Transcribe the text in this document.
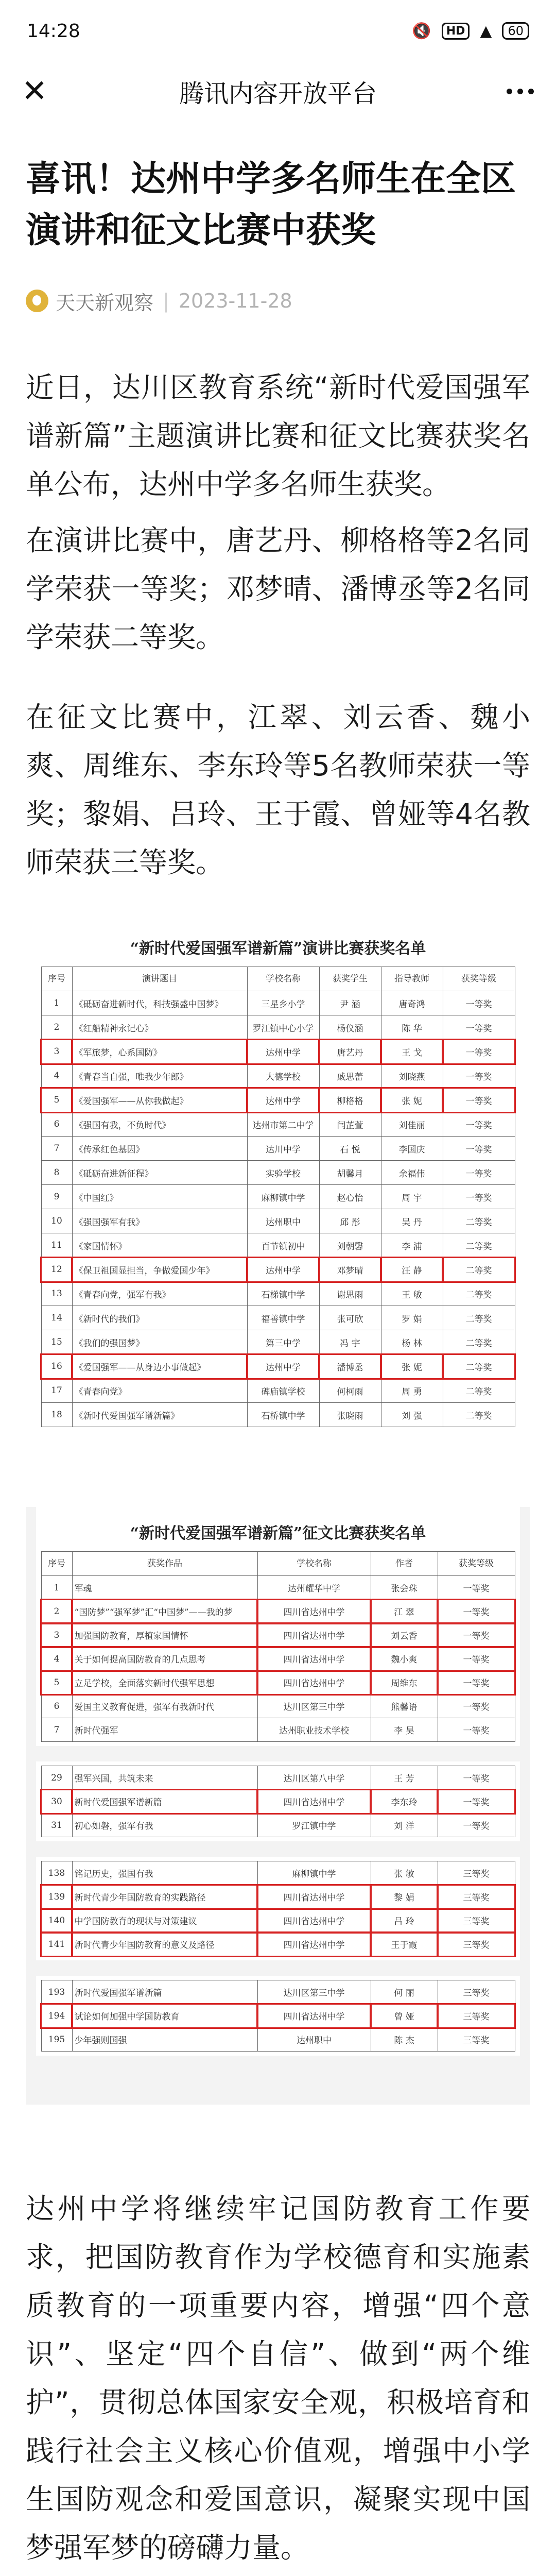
14:28	🔇	HD ▲	60
✕	腾讯内容开放平台
喜讯！达州中学多名师生在全区演讲和征文比赛中获奖
天天新观察 | 2023-11-28

近日，达川区教育系统“新时代爱国强军谱新篇”主题演讲比赛和征文比赛获奖名单公布，达州中学多名师生获奖。

在演讲比赛中，唐艺丹、柳格格等2名同学荣获一等奖；邓梦晴、潘博丞等2名同学荣获二等奖。

在征文比赛中，江翠、刘云香、魏小爽、周维东、李东玲等5名教师荣获一等奖；黎娟、吕玲、王于霞、曾娅等4名教师荣获三等奖。

“新时代爱国强军谱新篇”演讲比赛获奖名单
序号	演讲题目	学校名称	获奖学生	指导教师	获奖等级
1	《砥砺奋进新时代，科技强盛中国梦》	三星乡小学	尹 涵	唐奇鸿	一等奖
2	《红船精神永记心》	罗江镇中心小学	杨仪涵	陈 华	一等奖
3	《军旅梦，心系国防》	达州中学	唐艺丹	王 戈	一等奖
4	《青春当自强，唯我少年郎》	大德学校	戚思蕾	刘晓燕	一等奖
5	《爱国强军——从你我做起》	达州中学	柳格格	张 妮	一等奖
6	《强国有我，不负时代》	达州市第二中学	闫芷萱	刘佳丽	一等奖
7	《传承红色基因》	达川中学	石 悦	李国庆	一等奖
8	《砥砺奋进新征程》	实验学校	胡馨月	余福伟	一等奖
9	《中国红》	麻柳镇中学	赵心怡	周 宇	一等奖
10	《强国强军有我》	达州职中	邱 彤	吴 丹	二等奖
11	《家国情怀》	百节镇初中	刘朝馨	李 浦	二等奖
12	《保卫祖国显担当，争做爱国少年》	达州中学	邓梦晴	汪 静	二等奖
13	《青春向党，强军有我》	石梯镇中学	谢思雨	王 敏	二等奖
14	《新时代的我们》	福善镇中学	张可欣	罗 娟	二等奖
15	《我们的强国梦》	第三中学	冯 宇	杨 林	二等奖
16	《爱国强军——从身边小事做起》	达州中学	潘博丞	张 妮	二等奖
17	《青春向党》	碑庙镇学校	何柯雨	周 勇	二等奖
18	《新时代爱国强军谱新篇》	石桥镇中学	张晓雨	刘 强	二等奖
“新时代爱国强军谱新篇”征文比赛获奖名单
序号	获奖作品	学校名称	作者	获奖等级
1	军魂	达州耀华中学	张会珠	一等奖
2	“国防梦”“强军梦”汇“中国梦”——我的梦	四川省达州中学	江 翠	一等奖
3	加强国防教育，厚植家国情怀	四川省达州中学	刘云香	一等奖
4	关于如何提高国防教育的几点思考	四川省达州中学	魏小爽	一等奖
5	立足学校，全面落实新时代强军思想	四川省达州中学	周维东	一等奖
6	爱国主义教育促进，强军有我新时代	达川区第三中学	熊馨语	一等奖
7	新时代强军	达州职业技术学校	李 昊	一等奖
29	强军兴国，共筑未来	达川区第八中学	王 芳	一等奖
30	新时代爱国强军谱新篇	四川省达州中学	李东玲	一等奖
31	初心如磐，强军有我	罗江镇中学	刘 洋	一等奖
138	铭记历史，强国有我	麻柳镇中学	张 敏	三等奖
139	新时代青少年国防教育的实践路径	四川省达州中学	黎 娟	三等奖
140	中学国防教育的现状与对策建议	四川省达州中学	吕 玲	三等奖
141	新时代青少年国防教育的意义及路径	四川省达州中学	王于霞	三等奖
193	新时代爱国强军谱新篇	达川区第三中学	何 丽	三等奖
194	试论如何加强中学国防教育	四川省达州中学	曾 娅	三等奖
195	少年强则国强	达州职中	陈 杰	三等奖

达州中学将继续牢记国防教育工作要求，把国防教育作为学校德育和实施素质教育的一项重要内容，增强“四个意识”、坚定“四个自信”、做到“两个维护”，贯彻总体国家安全观，积极培育和践行社会主义核心价值观，增强中小学生国防观念和爱国意识，凝聚实现中国梦强军梦的磅礴力量。
